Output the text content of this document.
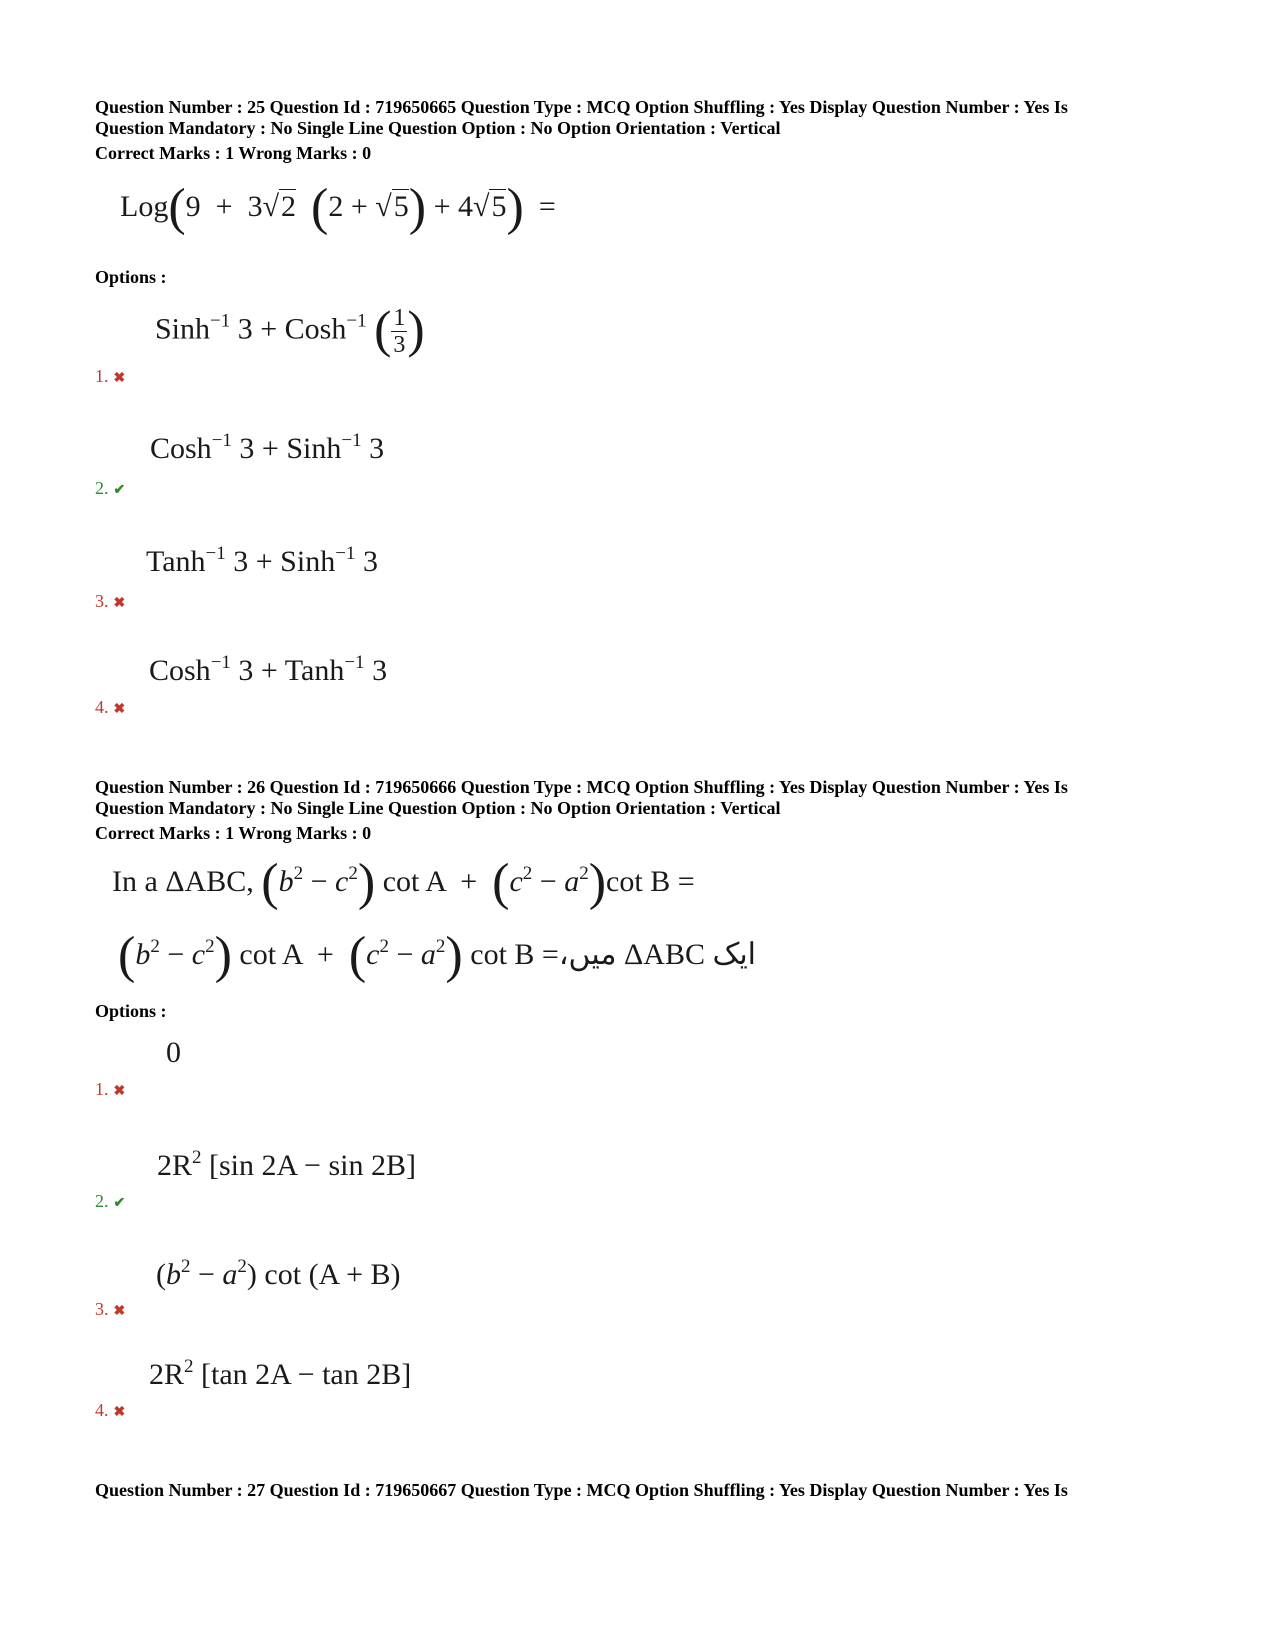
Question Number : 25 Question Id : 719650665 Question Type : MCQ Option Shuffling : Yes Display Question Number : Yes Is
Question Mandatory : No Single Line Question Option : No Option Orientation : Vertical
Correct Marks : 1 Wrong Marks : 0
Log(9  +  3√2 (2 + √5) + 4√5)  =
Options :
Sinh$^{-1}$ 3 + Cosh$^{-1}$ ( $\frac{1}{3}$ )
1. ✖
Cosh$^{-1}$ 3 + Sinh$^{-1}$ 3
2. ✔
Tanh$^{-1}$ 3 + Sinh$^{-1}$ 3
3. ✖
Cosh$^{-1}$ 3 + Tanh$^{-1}$ 3
4. ✖
Question Number : 26 Question Id : 719650666 Question Type : MCQ Option Shuffling : Yes Display Question Number : Yes Is
Question Mandatory : No Single Line Question Option : No Option Orientation : Vertical
Correct Marks : 1 Wrong Marks : 0
In a ΔABC, $(b^2 - c^2)$ $\cot A + (c^2 - a^2)\cot$ B =
$(b^2 - c^2)$ $\cot A + (c^2 - a^2)$ cot B =ایک ΔABC میں،
Options :
0
1. ✖
$2R^2$ [sin 2A − sin 2B]
2. ✔
$(b^2 - a^2)$ cot (A + B)
3. ✖
$2R^2$ [tan 2A − tan 2B]
4. ✖
Question Number : 27 Question Id : 719650667 Question Type : MCQ Option Shuffling : Yes Display Question Number : Yes Is
